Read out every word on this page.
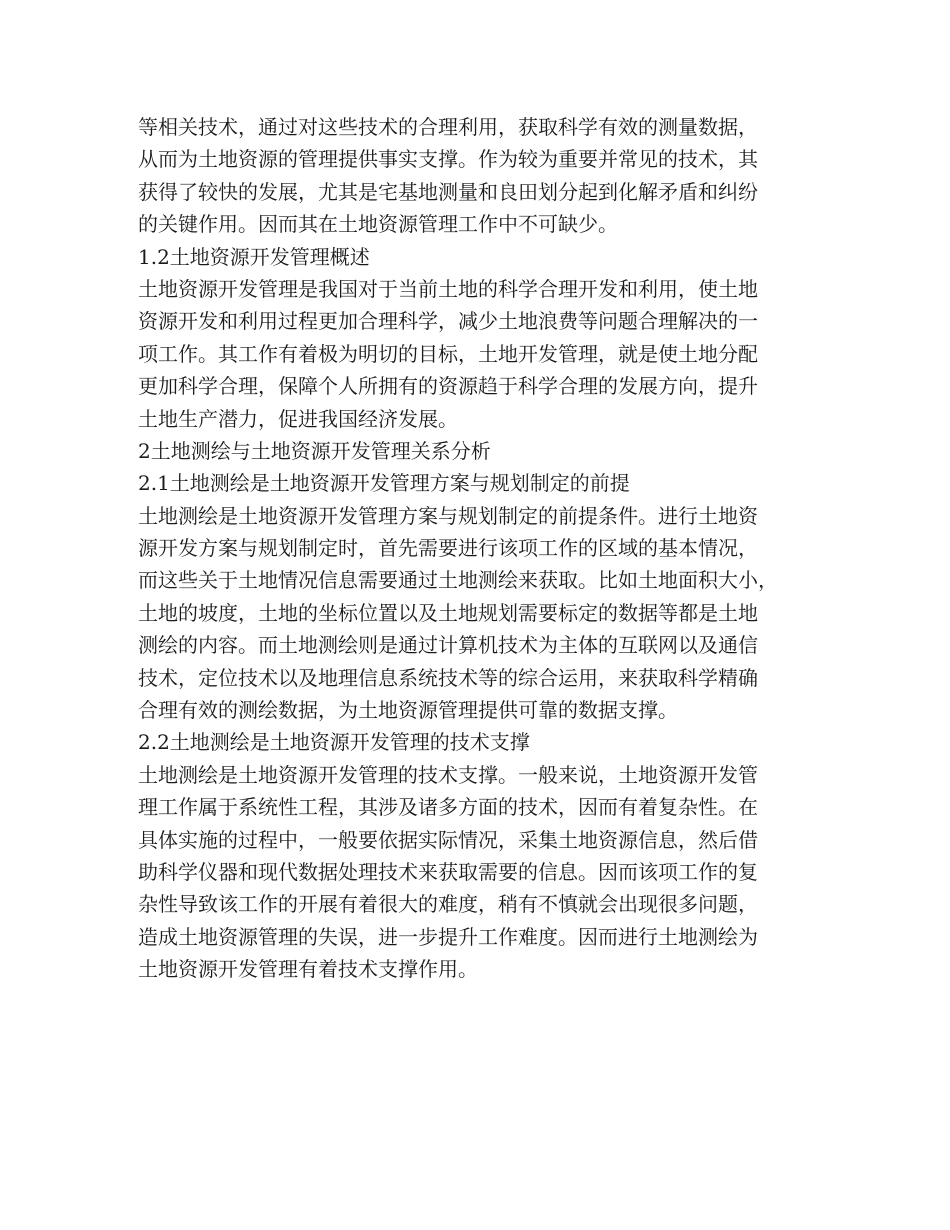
等相关技术，通过对这些技术的合理利用，获取科学有效的测量数据，
从而为土地资源的管理提供事实支撑。作为较为重要并常见的技术，其
获得了较快的发展，尤其是宅基地测量和良田划分起到化解矛盾和纠纷
的关键作用。因而其在土地资源管理工作中不可缺少。
1.2土地资源开发管理概述
土地资源开发管理是我国对于当前土地的科学合理开发和利用，使土地
资源开发和利用过程更加合理科学，减少土地浪费等问题合理解决的一
项工作。其工作有着极为明切的目标，土地开发管理，就是使土地分配
更加科学合理，保障个人所拥有的资源趋于科学合理的发展方向，提升
土地生产潜力，促进我国经济发展。
2土地测绘与土地资源开发管理关系分析
2.1土地测绘是土地资源开发管理方案与规划制定的前提
土地测绘是土地资源开发管理方案与规划制定的前提条件。进行土地资
源开发方案与规划制定时，首先需要进行该项工作的区域的基本情况，
而这些关于土地情况信息需要通过土地测绘来获取。比如土地面积大小，
土地的坡度，土地的坐标位置以及土地规划需要标定的数据等都是土地
测绘的内容。而土地测绘则是通过计算机技术为主体的互联网以及通信
技术，定位技术以及地理信息系统技术等的综合运用，来获取科学精确
合理有效的测绘数据，为土地资源管理提供可靠的数据支撑。
2.2土地测绘是土地资源开发管理的技术支撑
土地测绘是土地资源开发管理的技术支撑。一般来说，土地资源开发管
理工作属于系统性工程，其涉及诸多方面的技术，因而有着复杂性。在
具体实施的过程中，一般要依据实际情况，采集土地资源信息，然后借
助科学仪器和现代数据处理技术来获取需要的信息。因而该项工作的复
杂性导致该工作的开展有着很大的难度，稍有不慎就会出现很多问题，
造成土地资源管理的失误，进一步提升工作难度。因而进行土地测绘为
土地资源开发管理有着技术支撑作用。
